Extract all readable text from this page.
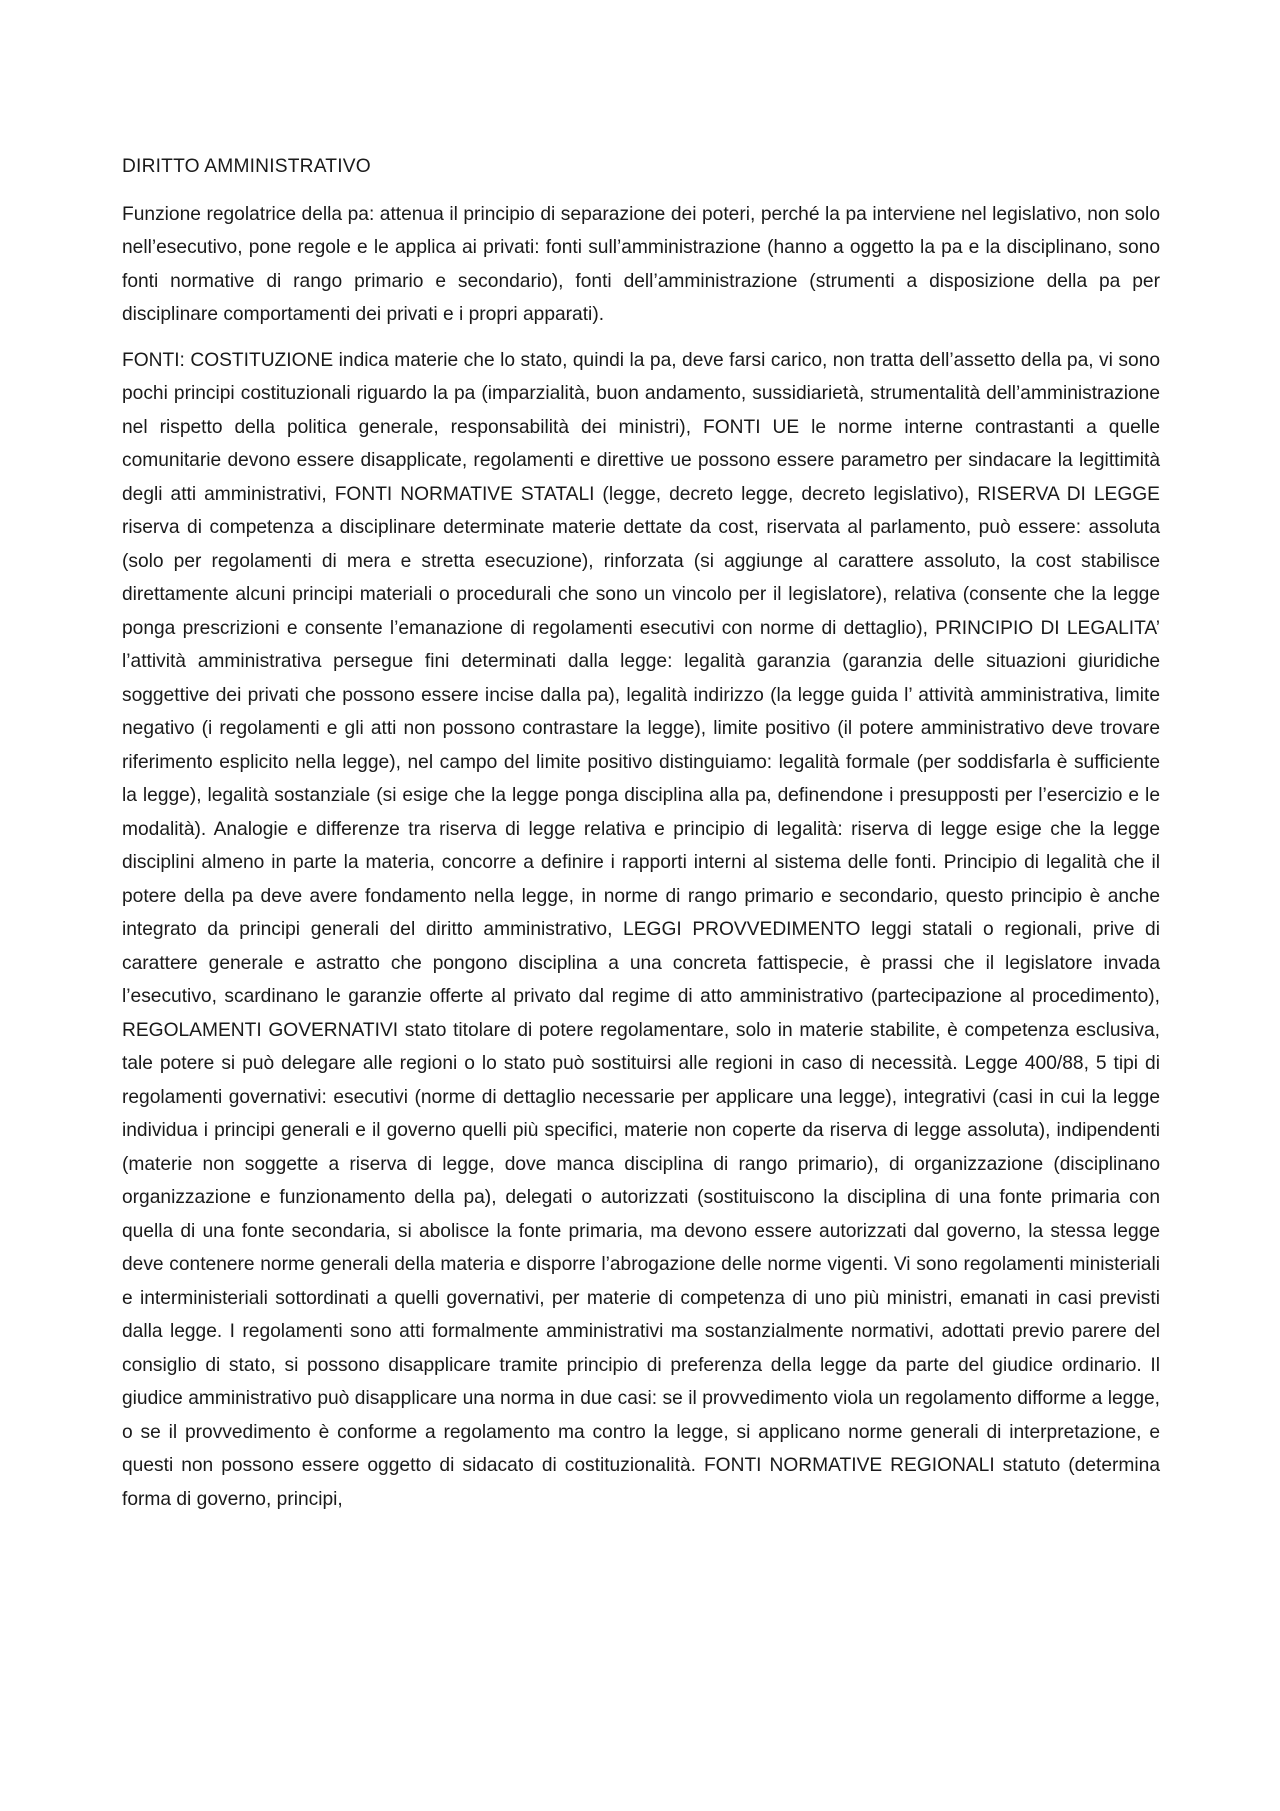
DIRITTO AMMINISTRATIVO

Funzione regolatrice della pa: attenua il principio di separazione dei poteri, perché la pa interviene nel legislativo, non solo nell’esecutivo, pone regole e le applica ai privati: fonti sull’amministrazione (hanno a oggetto la pa e la disciplinano, sono fonti normative di rango primario e secondario), fonti dell’amministrazione (strumenti a disposizione della pa per disciplinare comportamenti dei privati e i propri apparati).

FONTI: COSTITUZIONE indica materie che lo stato, quindi la pa, deve farsi carico, non tratta dell’assetto della pa, vi sono pochi principi costituzionali riguardo la pa (imparzialità, buon andamento, sussidiarietà, strumentalità dell’amministrazione nel rispetto della politica generale, responsabilità dei ministri), FONTI UE le norme interne contrastanti a quelle comunitarie devono essere disapplicate, regolamenti e direttive ue possono essere parametro per sindacare la legittimità degli atti amministrativi, FONTI NORMATIVE STATALI (legge, decreto legge, decreto legislativo), RISERVA DI LEGGE riserva di competenza a disciplinare determinate materie dettate da cost, riservata al parlamento, può essere: assoluta (solo per regolamenti di mera e stretta esecuzione), rinforzata (si aggiunge al carattere assoluto, la cost stabilisce direttamente alcuni principi materiali o procedurali che sono un vincolo per il legislatore), relativa (consente che la legge ponga prescrizioni e consente l’emanazione di regolamenti esecutivi con norme di dettaglio), PRINCIPIO DI LEGALITA’ l’attività amministrativa persegue fini determinati dalla legge: legalità garanzia (garanzia delle situazioni giuridiche soggettive dei privati che possono essere incise dalla pa), legalità indirizzo (la legge guida l’ attività amministrativa, limite negativo (i regolamenti e gli atti non possono contrastare la legge), limite positivo (il potere amministrativo deve trovare riferimento esplicito nella legge), nel campo del limite positivo distinguiamo: legalità formale (per soddisfarla è sufficiente la legge), legalità sostanziale (si esige che la legge ponga disciplina alla pa, definendone i presupposti per l’esercizio e le modalità). Analogie e differenze tra riserva di legge relativa e principio di legalità: riserva di legge esige che la legge disciplini almeno in parte la materia, concorre a definire i rapporti interni al sistema delle fonti. Principio di legalità che il potere della pa deve avere fondamento nella legge, in norme di rango primario e secondario, questo principio è anche integrato da principi generali del diritto amministrativo, LEGGI PROVVEDIMENTO leggi statali o regionali, prive di carattere generale e astratto che pongono disciplina a una concreta fattispecie, è prassi che il legislatore invada l’esecutivo, scardinano le garanzie offerte al privato dal regime di atto amministrativo (partecipazione al procedimento), REGOLAMENTI GOVERNATIVI stato titolare di potere regolamentare, solo in materie stabilite, è competenza esclusiva, tale potere si può delegare alle regioni o lo stato può sostituirsi alle regioni in caso di necessità. Legge 400/88, 5 tipi di regolamenti governativi: esecutivi (norme di dettaglio necessarie per applicare una legge), integrativi (casi in cui la legge individua i principi generali e il governo quelli più specifici, materie non coperte da riserva di legge assoluta), indipendenti (materie non soggette a riserva di legge, dove manca disciplina di rango primario), di organizzazione (disciplinano organizzazione e funzionamento della pa), delegati o autorizzati (sostituiscono la disciplina di una fonte primaria con quella di una fonte secondaria, si abolisce la fonte primaria, ma devono essere autorizzati dal governo, la stessa legge deve contenere norme generali della materia e disporre l’abrogazione delle norme vigenti. Vi sono regolamenti ministeriali e interministeriali sottordinati a quelli governativi, per materie di competenza di uno più ministri, emanati in casi previsti dalla legge. I regolamenti sono atti formalmente amministrativi ma sostanzialmente normativi, adottati previo parere del consiglio di stato, si possono disapplicare tramite principio di preferenza della legge da parte del giudice ordinario. Il giudice amministrativo può disapplicare una norma in due casi: se il provvedimento viola un regolamento difforme a legge, o se il provvedimento è conforme a regolamento ma contro la legge, si applicano norme generali di interpretazione, e questi non possono essere oggetto di sidacato di costituzionalità. FONTI NORMATIVE REGIONALI statuto (determina forma di governo, principi,
